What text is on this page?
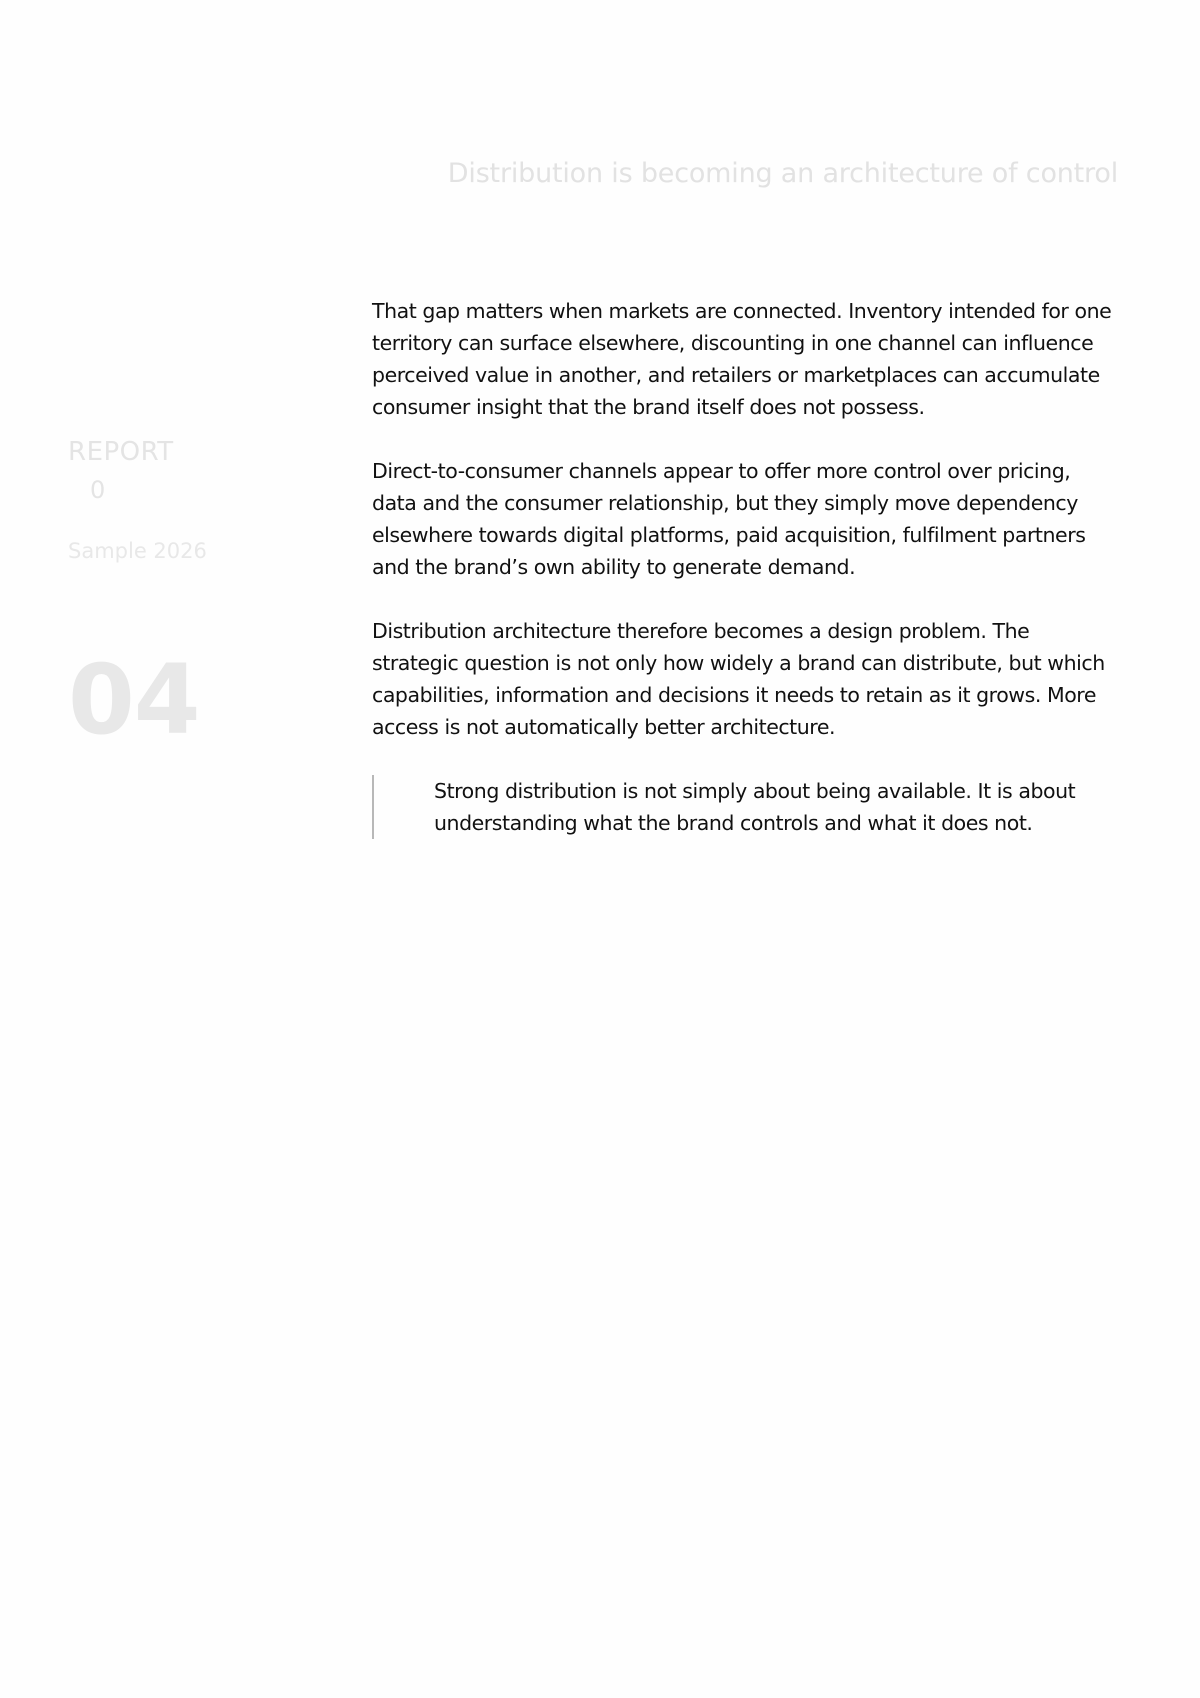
Distribution is becoming an architecture of control
REPORT
0
Sample 2026
04

That gap matters when markets are connected. Inventory intended for one territory can surface elsewhere, discounting in one channel can influence perceived value in another, and retailers or marketplaces can accumulate consumer insight that the brand itself does not possess.

Direct-to-consumer channels appear to offer more control over pricing, data and the consumer relationship, but they simply move dependency elsewhere towards digital platforms, paid acquisition, fulfilment partners and the brand’s own ability to generate demand.

Distribution architecture therefore becomes a design problem. The strategic question is not only how widely a brand can distribute, but which capabilities, information and decisions it needs to retain as it grows. More access is not automatically better architecture.

Strong distribution is not simply about being available. It is about understanding what the brand controls and what it does not.
